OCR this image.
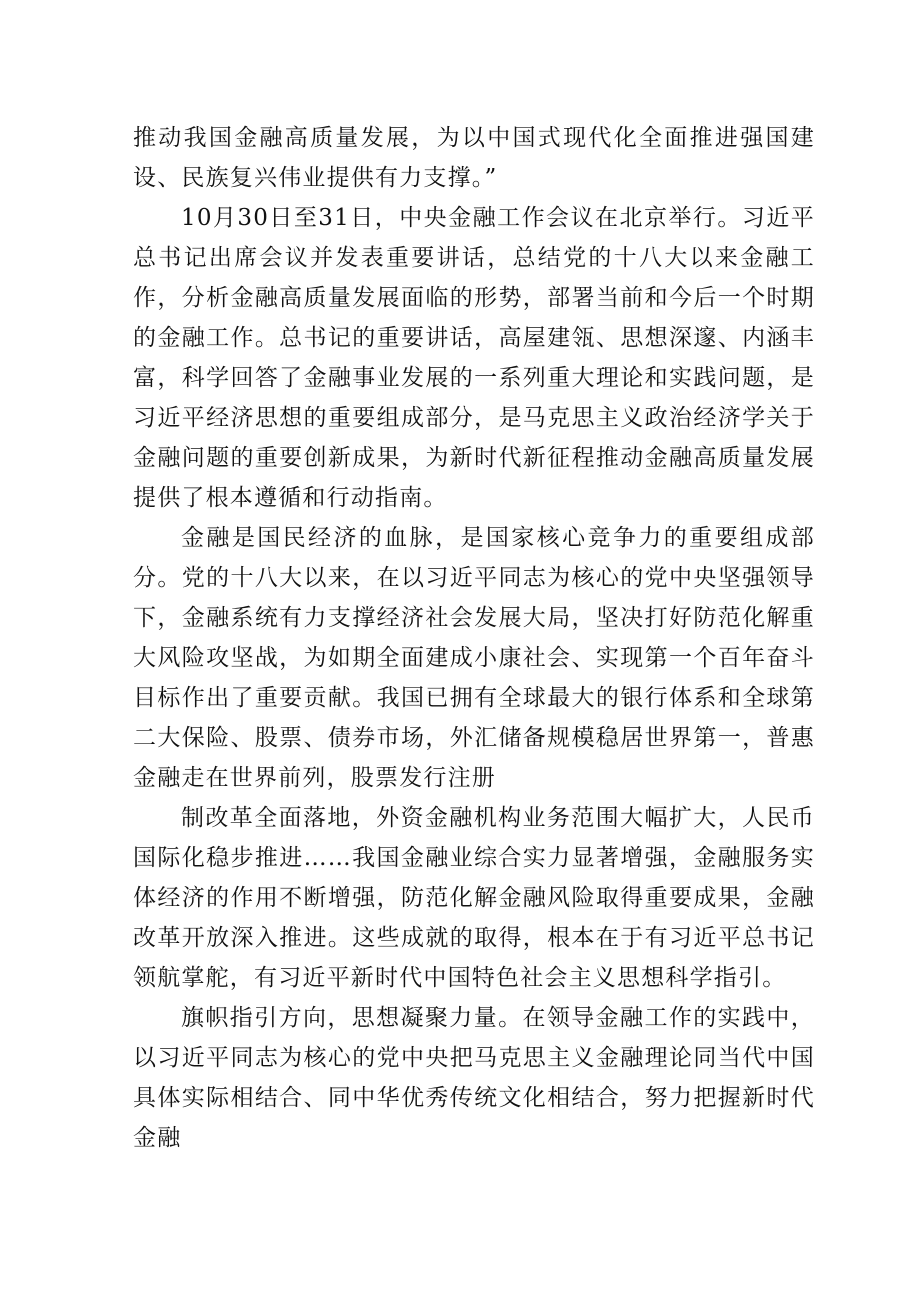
推动我国金融高质量发展，为以中国式现代化全面推进强国建设、民族复兴伟业提供有力支撑。”

10月30日至31日，中央金融工作会议在北京举行。习近平总书记出席会议并发表重要讲话，总结党的十八大以来金融工作，分析金融高质量发展面临的形势，部署当前和今后一个时期的金融工作。总书记的重要讲话，高屋建瓴、思想深邃、内涵丰富，科学回答了金融事业发展的一系列重大理论和实践问题，是习近平经济思想的重要组成部分，是马克思主义政治经济学关于金融问题的重要创新成果，为新时代新征程推动金融高质量发展提供了根本遵循和行动指南。

金融是国民经济的血脉，是国家核心竞争力的重要组成部分。党的十八大以来，在以习近平同志为核心的党中央坚强领导下，金融系统有力支撑经济社会发展大局，坚决打好防范化解重大风险攻坚战，为如期全面建成小康社会、实现第一个百年奋斗目标作出了重要贡献。我国已拥有全球最大的银行体系和全球第二大保险、股票、债券市场，外汇储备规模稳居世界第一，普惠金融走在世界前列，股票发行注册

制改革全面落地，外资金融机构业务范围大幅扩大，人民币国际化稳步推进……我国金融业综合实力显著增强，金融服务实体经济的作用不断增强，防范化解金融风险取得重要成果，金融改革开放深入推进。这些成就的取得，根本在于有习近平总书记领航掌舵，有习近平新时代中国特色社会主义思想科学指引。

旗帜指引方向，思想凝聚力量。在领导金融工作的实践中，以习近平同志为核心的党中央把马克思主义金融理论同当代中国具体实际相结合、同中华优秀传统文化相结合，努力把握新时代金融
